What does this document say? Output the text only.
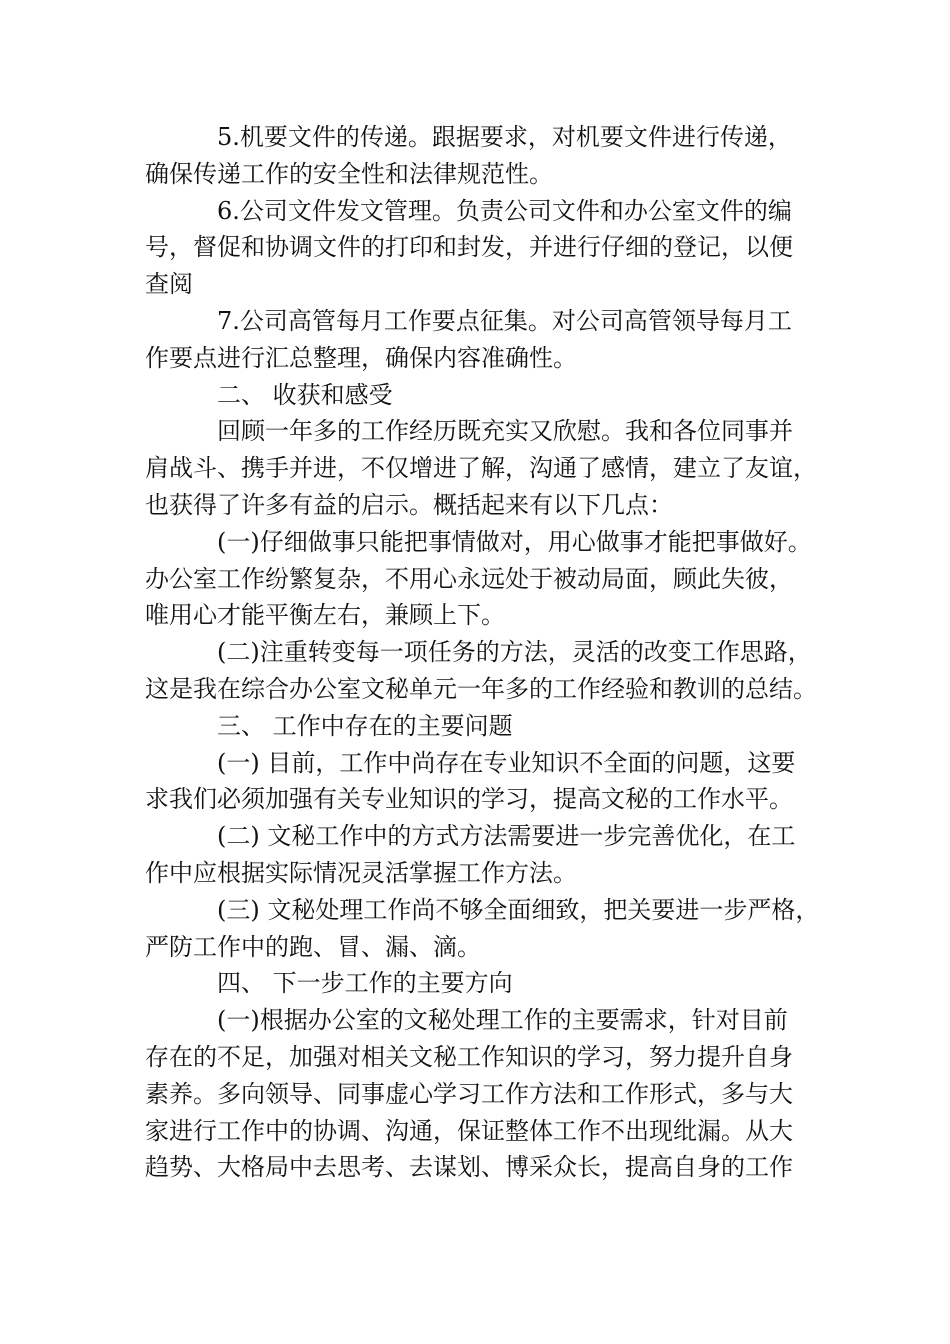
5.机要文件的传递。跟据要求，对机要文件进行传递，
确保传递工作的安全性和法律规范性。
6.公司文件发文管理。负责公司文件和办公室文件的编
号，督促和协调文件的打印和封发，并进行仔细的登记，以便
查阅
7.公司高管每月工作要点征集。对公司高管领导每月工
作要点进行汇总整理，确保内容准确性。
二、 收获和感受
回顾一年多的工作经历既充实又欣慰。我和各位同事并
肩战斗、携手并进，不仅增进了解，沟通了感情，建立了友谊，
也获得了许多有益的启示。概括起来有以下几点：
(一)仔细做事只能把事情做对，用心做事才能把事做好。
办公室工作纷繁复杂，不用心永远处于被动局面，顾此失彼，
唯用心才能平衡左右，兼顾上下。
(二)注重转变每一项任务的方法，灵活的改变工作思路，
这是我在综合办公室文秘单元一年多的工作经验和教训的总结。
三、 工作中存在的主要问题
(一) 目前，工作中尚存在专业知识不全面的问题，这要
求我们必须加强有关专业知识的学习，提高文秘的工作水平。
(二) 文秘工作中的方式方法需要进一步完善优化，在工
作中应根据实际情况灵活掌握工作方法。
(三) 文秘处理工作尚不够全面细致，把关要进一步严格，
严防工作中的跑、冒、漏、滴。
四、 下一步工作的主要方向
(一)根据办公室的文秘处理工作的主要需求，针对目前
存在的不足，加强对相关文秘工作知识的学习，努力提升自身
素养。多向领导、同事虚心学习工作方法和工作形式，多与大
家进行工作中的协调、沟通，保证整体工作不出现纰漏。从大
趋势、大格局中去思考、去谋划、博采众长，提高自身的工作
